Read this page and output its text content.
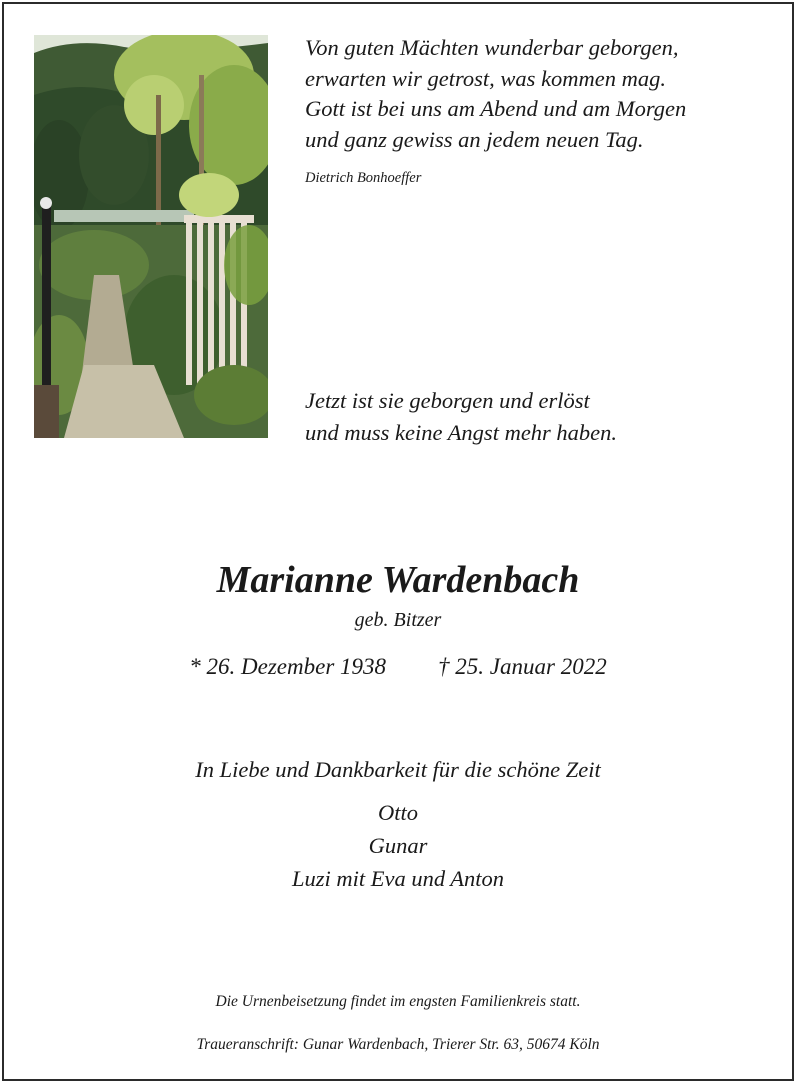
Von guten Mächten wunderbar geborgen,
erwarten wir getrost, was kommen mag.
Gott ist bei uns am Abend und am Morgen
und ganz gewiss an jedem neuen Tag.
Dietrich Bonhoeffer
Jetzt ist sie geborgen und erlöst
und muss keine Angst mehr haben.
Marianne Wardenbach
geb. Bitzer
* 26. Dezember 1938 † 25. Januar 2022
In Liebe und Dankbarkeit für die schöne Zeit
Otto
Gunar
Luzi mit Eva und Anton
Die Urnenbeisetzung findet im engsten Familienkreis statt.
Traueranschrift: Gunar Wardenbach, Trierer Str. 63, 50674 Köln
